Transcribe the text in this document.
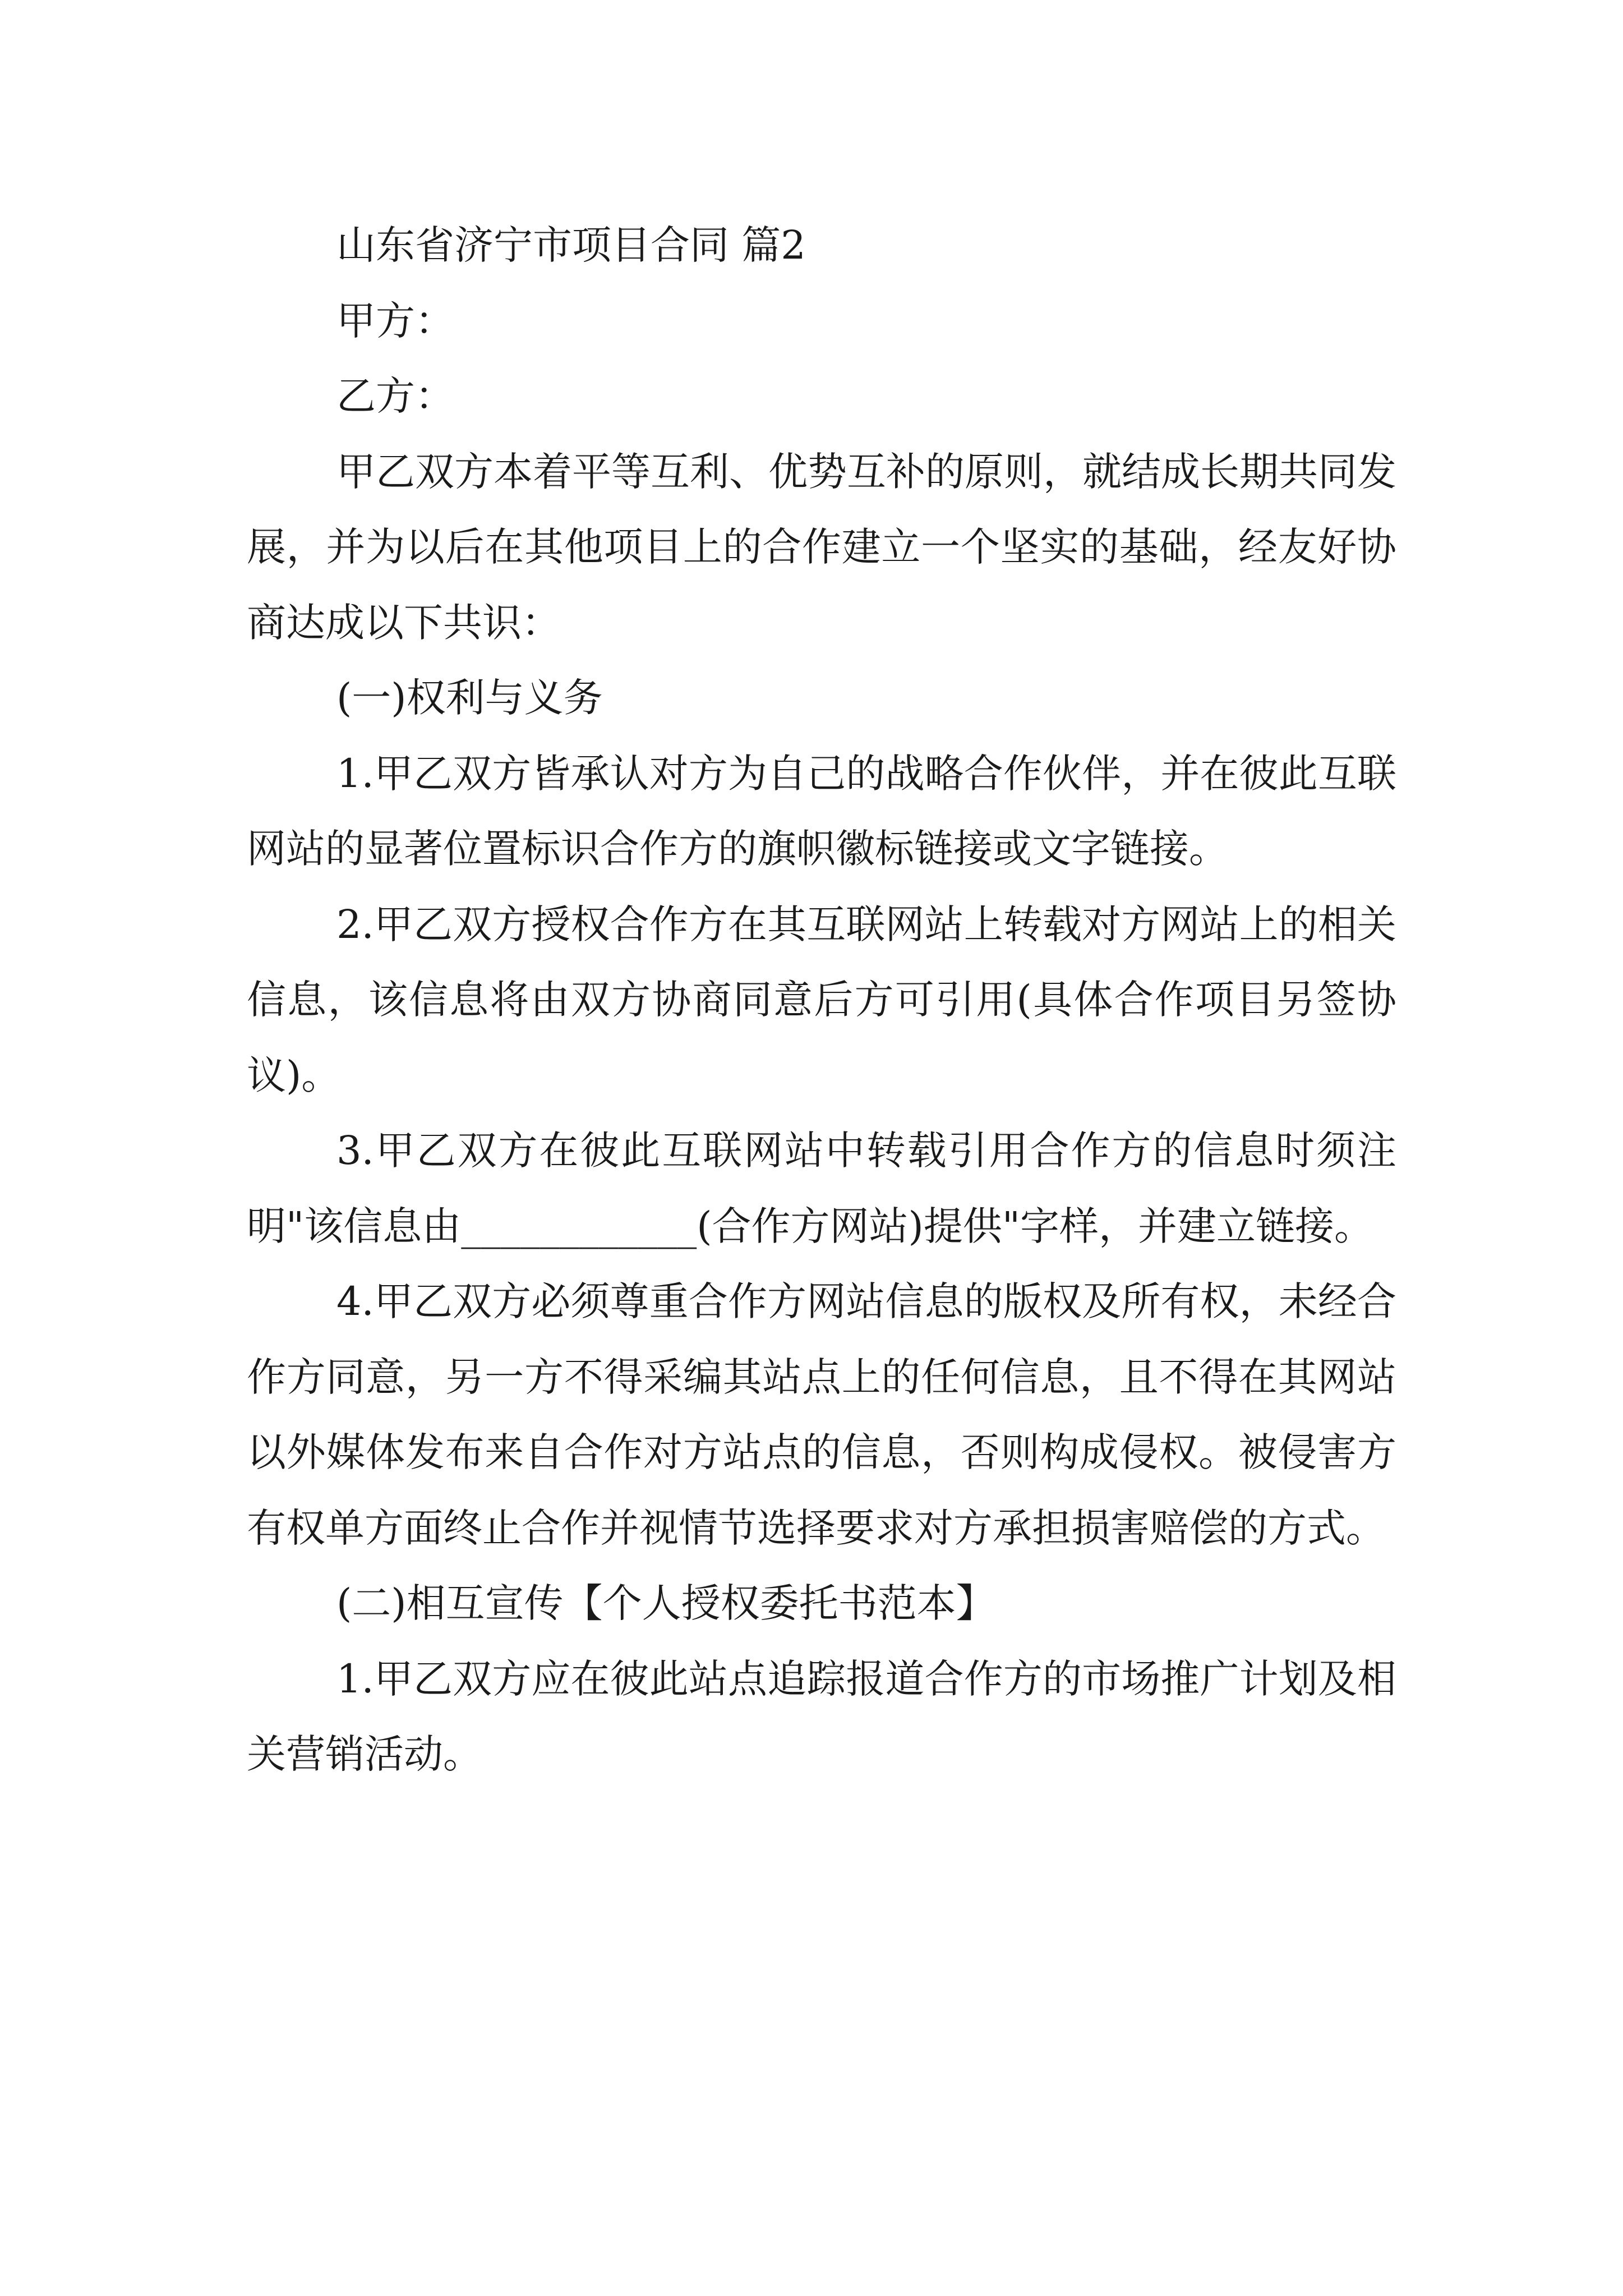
山东省济宁市项目合同 篇2

甲方：

乙方：

甲乙双方本着平等互利、优势互补的原则，就结成长期共同发展，并为以后在其他项目上的合作建立一个坚实的基础，经友好协商达成以下共识：

(一)权利与义务

1.甲乙双方皆承认对方为自己的战略合作伙伴，并在彼此互联网站的显著位置标识合作方的旗帜徽标链接或文字链接。

2.甲乙双方授权合作方在其互联网站上转载对方网站上的相关信息，该信息将由双方协商同意后方可引用(具体合作项目另签协议)。

3.甲乙双方在彼此互联网站中转载引用合作方的信息时须注明"该信息由____________(合作方网站)提供"字样，并建立链接。

4.甲乙双方必须尊重合作方网站信息的版权及所有权，未经合作方同意，另一方不得采编其站点上的任何信息，且不得在其网站以外媒体发布来自合作对方站点的信息，否则构成侵权。被侵害方有权单方面终止合作并视情节选择要求对方承担损害赔偿的方式。

(二)相互宣传【个人授权委托书范本】

1.甲乙双方应在彼此站点追踪报道合作方的市场推广计划及相关营销活动。
